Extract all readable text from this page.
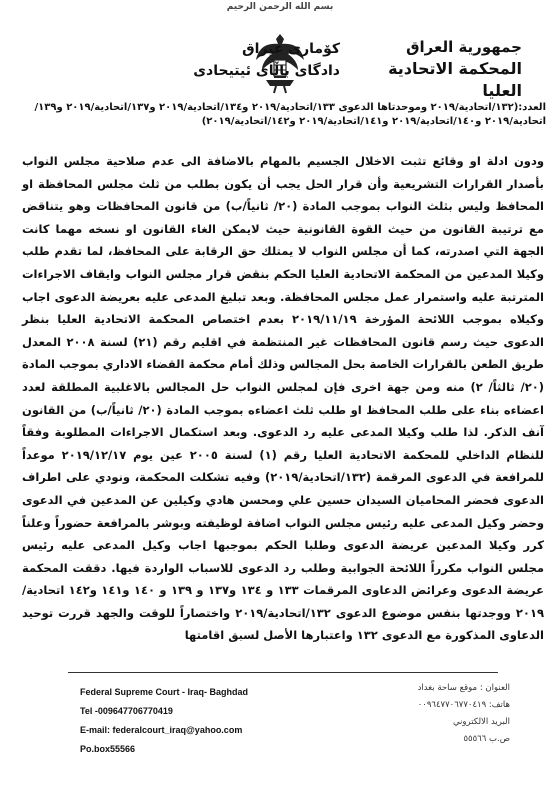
بسم الله الرحمن الرحيم
جمهورية العراق
المحكمة الاتحادية العليا
كۆماری عیراق
دادگای باڵای ئیتیحادی
العدد:(١٣٢/اتحادية/٢٠١٩ وموحدتاها الدعوى ١٣٣/اتحادية/٢٠١٩ و١٣٤/اتحادية/٢٠١٩ و١٣٧/اتحادية/٢٠١٩ و١٣٩/اتحادية/٢٠١٩ و١٤٠/اتحادية/٢٠١٩ و١٤١/اتحادية/٢٠١٩ و١٤٢/اتحادية/٢٠١٩)

ودون ادلة او وقائع تثبت الاخلال الجسيم بالمهام بالاضافة الى عدم صلاحية مجلس النواب بأصدار القرارات التشريعية وأن قرار الحل يجب أن يكون بطلب من ثلث مجلس المحافظة او المحافظ وليس بثلث النواب بموجب المادة (٢٠/ ثانياً/ب) من قانون المحافظات وهو يتناقض مع ترتيبة القانون من حيث القوة القانونية حيث لايمكن الغاء القانون او نسخه مهما كانت الجهة التي اصدرته، كما أن مجلس النواب لا يمتلك حق الرقابة على المحافظ، لما تقدم طلب وكيلا المدعين من المحكمة الاتحادية العليا الحكم بنقض قرار مجلس النواب وايقاف الاجراءات المترتبة عليه واستمرار عمل مجلس المحافظة. وبعد تبليغ المدعى عليه بعريضة الدعوى اجاب وكيلاه بموجب اللائحة المؤرخة ٢٠١٩/١١/١٩ بعدم اختصاص المحكمة الاتحادية العليا بنظر الدعوى حيث رسم قانون المحافظات غير المنتظمة في اقليم رقم (٢١) لسنة ٢٠٠٨ المعدل طريق الطعن بالقرارات الخاصة بحل المجالس وذلك أمام محكمة القضاء الاداري بموجب المادة (٢٠/ ثالثاً/ ٢) منه ومن جهة اخرى فإن لمجلس النواب حل المجالس بالاغلبية المطلقة لعدد اعضاءه بناء على طلب المحافظ او طلب ثلث اعضاءه بموجب المادة (٢٠/ ثانياً/ب) من القانون آنف الذكر. لذا طلب وكيلا المدعى عليه رد الدعوى. وبعد استكمال الاجراءات المطلوبة وفقاً للنظام الداخلي للمحكمة الاتحادية العليا رقم (١) لسنة ٢٠٠٥ عين يوم ٢٠١٩/١٢/١٧ موعداً للمرافعة في الدعوى المرقمة (١٣٢/اتحادية/٢٠١٩) وفيه تشكلت المحكمة، ونودي على اطراف الدعوى فحضر المحاميان السيدان حسين علي ومحسن هادي وكيلين عن المدعين في الدعوى وحضر وكيل المدعى عليه رئيس مجلس النواب اضافة لوظيفته وبوشر بالمرافعة حضوراً وعلناً كرر وكيلا المدعين عريضة الدعوى وطلبا الحكم بموجبها اجاب وكيل المدعى عليه رئيس مجلس النواب مكرراً اللائحة الجوابية وطلب رد الدعوى للاسباب الواردة فيها. دققت المحكمة عريضة الدعوى وعرائض الدعاوى المرقمات ١٣٣ و ١٣٤ و١٣٧ و ١٣٩ و ١٤٠ و١٤١ و١٤٢ اتحادية/٢٠١٩ ووجدتها بنفس موضوع الدعوى ١٣٢/اتحادية/٢٠١٩ واختصاراً للوقت والجهد قررت توحيد الدعاوى المذكورة مع الدعوى ١٣٢ واعتبارها الأصل لسبق اقامتها

Federal Supreme Court - Iraq- Baghdad
Tel -009647706770419
E-mail: federalcourt_iraq@yahoo.com
Po.box55566
العنوان : موقع ساحة بغداد
هاتف: ٠٠٩٦٤٧٧٠٦٧٧٠٤١٩
البريد الالكتروني
ص.ب ٥٥٥٦٦
